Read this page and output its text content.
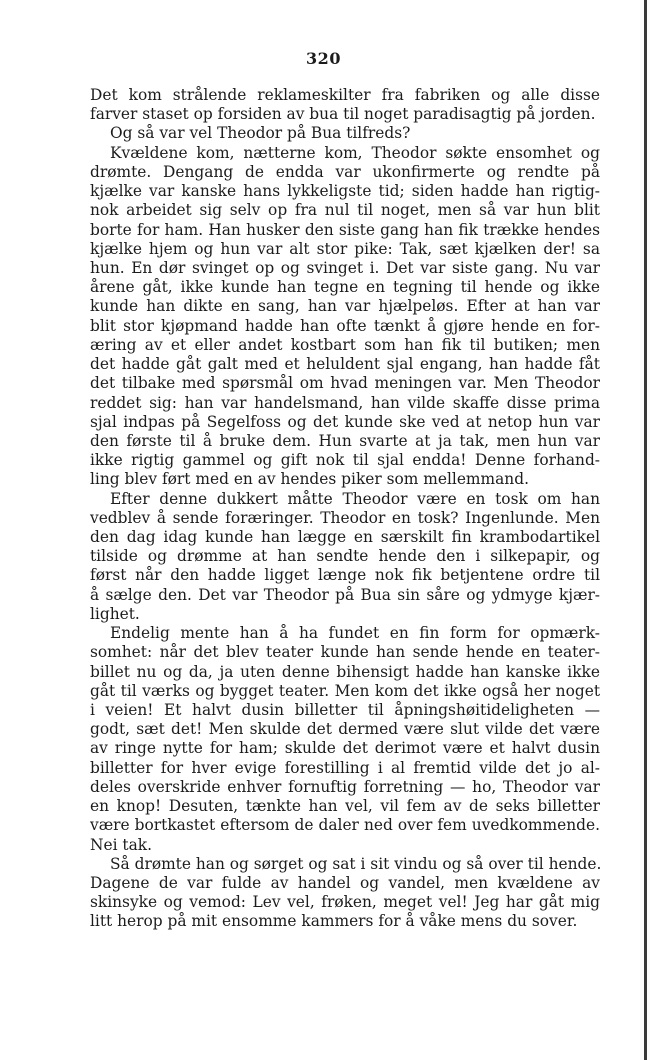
320
Det kom strålende reklameskilter fra fabriken og alle disse
farver staset op forsiden av bua til noget paradisagtig på jorden.
Og så var vel Theodor på Bua tilfreds?
Kvældene kom, nætterne kom, Theodor søkte ensomhet og
drømte. Dengang de endda var ukonfirmerte og rendte på
kjælke var kanske hans lykkeligste tid; siden hadde han rigtig-
nok arbeidet sig selv op fra nul til noget, men så var hun blit
borte for ham. Han husker den siste gang han fik trække hendes
kjælke hjem og hun var alt stor pike: Tak, sæt kjælken der! sa
hun. En dør svinget op og svinget i. Det var siste gang. Nu var
årene gåt, ikke kunde han tegne en tegning til hende og ikke
kunde han dikte en sang, han var hjælpeløs. Efter at han var
blit stor kjøpmand hadde han ofte tænkt å gjøre hende en for-
æring av et eller andet kostbart som han fik til butiken; men
det hadde gåt galt med et heluldent sjal engang, han hadde fåt
det tilbake med spørsmål om hvad meningen var. Men Theodor
reddet sig: han var handelsmand, han vilde skaffe disse prima
sjal indpas på Segelfoss og det kunde ske ved at netop hun var
den første til å bruke dem. Hun svarte at ja tak, men hun var
ikke rigtig gammel og gift nok til sjal endda! Denne forhand-
ling blev ført med en av hendes piker som mellemmand.
Efter denne dukkert måtte Theodor være en tosk om han
vedblev å sende foræringer. Theodor en tosk? Ingenlunde. Men
den dag idag kunde han lægge en særskilt fin krambodartikel
tilside og drømme at han sendte hende den i silkepapir, og
først når den hadde ligget længe nok fik betjentene ordre til
å sælge den. Det var Theodor på Bua sin såre og ydmyge kjær-
lighet.
Endelig mente han å ha fundet en fin form for opmærk-
somhet: når det blev teater kunde han sende hende en teater-
billet nu og da, ja uten denne bihensigt hadde han kanske ikke
gåt til værks og bygget teater. Men kom det ikke også her noget
i veien! Et halvt dusin billetter til åpningshøitideligheten —
godt, sæt det! Men skulde det dermed være slut vilde det være
av ringe nytte for ham; skulde det derimot være et halvt dusin
billetter for hver evige forestilling i al fremtid vilde det jo al-
deles overskride enhver fornuftig forretning — ho, Theodor var
en knop! Desuten, tænkte han vel, vil fem av de seks billetter
være bortkastet eftersom de daler ned over fem uvedkommende.
Nei tak.
Så drømte han og sørget og sat i sit vindu og så over til hende.
Dagene de var fulde av handel og vandel, men kvældene av
skinsyke og vemod: Lev vel, frøken, meget vel! Jeg har gåt mig
litt herop på mit ensomme kammers for å våke mens du sover.
